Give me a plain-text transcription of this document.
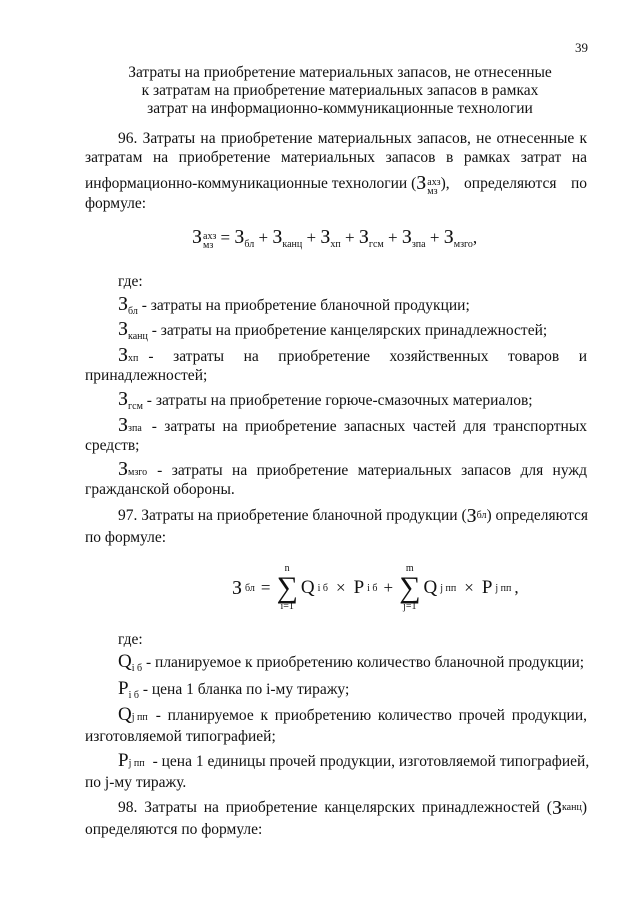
39
Затраты на приобретение материальных запасов, не отнесенные
к затратам на приобретение материальных запасов в рамках
затрат на информационно-коммуникационные технологии
96. Затраты на приобретение материальных запасов, не отнесенные к
затратам на приобретение материальных запасов в рамках затрат на
информационно-коммуникационные технологии ( З ахз
мз ), определяются по
формуле:
З ахз
мз = $З_{бл} + З_{канц} + З_{хп} + З_{гсм} + З_{зпа} + З_{мзго}$,
где:
$З_{бл}$ - затраты на приобретение бланочной продукции;
$З_{канц}$ - затраты на приобретение канцелярских принадлежностей;
$З_{хп}$ - затраты на приобретение хозяйственных товаров и
принадлежностей;
$З_{гсм}$ - затраты на приобретение горюче-смазочных материалов;
$З_{зпа}$ - затраты на приобретение запасных частей для транспортных
средств;
$З_{мзго}$ - затраты на приобретение материальных запасов для нужд
гражданской обороны.
97. Затраты на приобретение бланочной продукции ( З бл ) определяются
по формуле:
З бл =
n
∑
i=1
Q i б × P i б +
m
∑
j=1
Q j пп × P j пп ,
где:
$Q_{i б}$ - планируемое к приобретению количество бланочной продукции;
$P_{i б}$ - цена 1 бланка по i-му тиражу;
Q j пп - планируемое к приобретению количество прочей продукции,
изготовляемой типографией;
P j пп - цена 1 единицы прочей продукции, изготовляемой типографией,
по j-му тиражу.
98. Затраты на приобретение канцелярских принадлежностей ( З канц )
определяются по формуле:
